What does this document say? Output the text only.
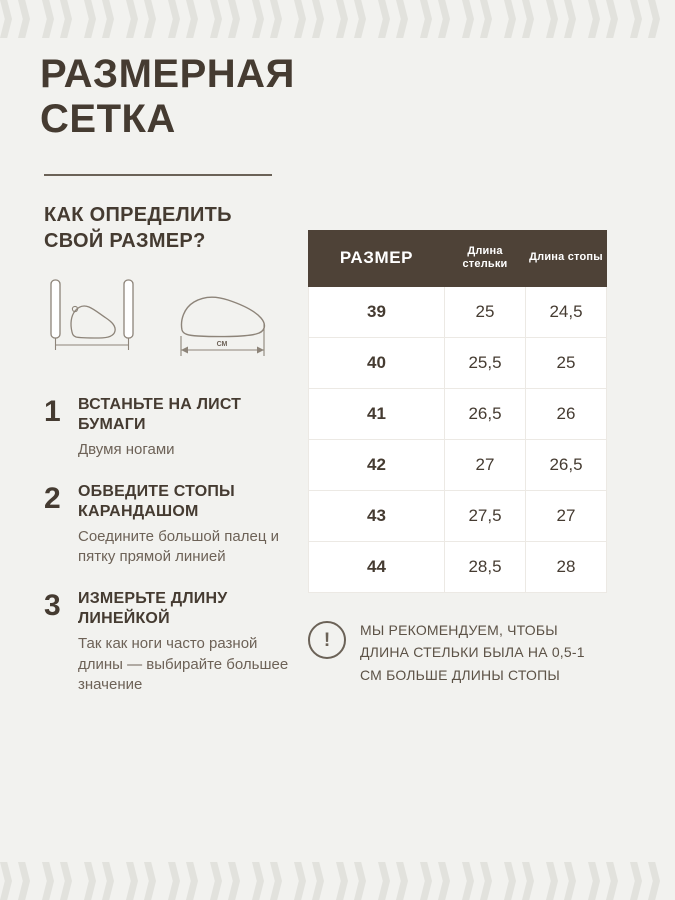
РАЗМЕРНАЯ СЕТКА
КАК ОПРЕДЕЛИТЬ СВОЙ РАЗМЕР?
СМ
1 ВСТАНЬТЕ НА ЛИСТ БУМАГИ
Двумя ногами
2 ОБВЕДИТЕ СТОПЫ КАРАНДАШОМ
Соедините большой палец и пятку прямой линией
3 ИЗМЕРЬТЕ ДЛИНУ ЛИНЕЙКОЙ
Так как ноги часто разной длины — выбирайте большее значение
РАЗМЕР	Длина стельки	Длина стопы
39	25	24,5
40	25,5	25
41	26,5	26
42	27	26,5
43	27,5	27
44	28,5	28
!	МЫ РЕКОМЕНДУЕМ, ЧТОБЫ ДЛИНА СТЕЛЬКИ БЫЛА НА 0,5-1 СМ БОЛЬШЕ ДЛИНЫ СТОПЫ
